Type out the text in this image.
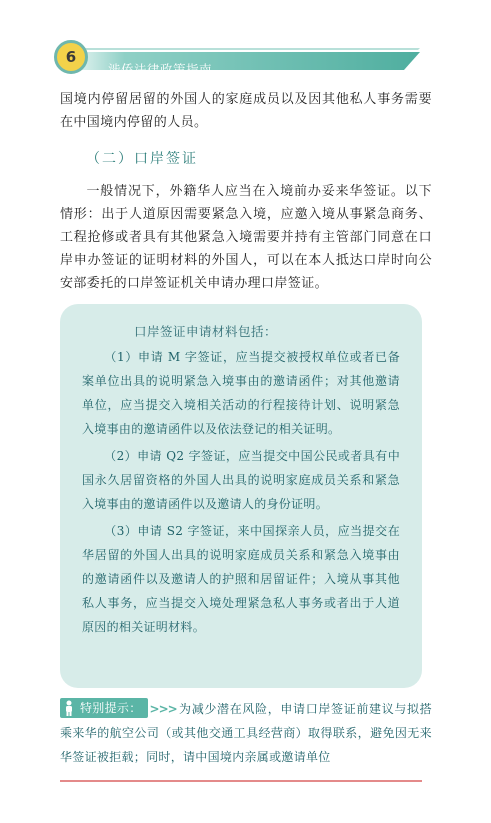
6
涉侨法律政策指南
国境内停留居留的外国人的家庭成员以及因其他私人事务需要在中国境内停留的人员。
（二）口岸签证
一般情况下，外籍华人应当在入境前办妥来华签证。以下情形：出于人道原因需要紧急入境，应邀入境从事紧急商务、工程抢修或者具有其他紧急入境需要并持有主管部门同意在口岸申办签证的证明材料的外国人，可以在本人抵达口岸时向公安部委托的口岸签证机关申请办理口岸签证。
口岸签证申请材料包括：

（1）申请 M 字签证，应当提交被授权单位或者已备案单位出具的说明紧急入境事由的邀请函件；对其他邀请单位，应当提交入境相关活动的行程接待计划、说明紧急入境事由的邀请函件以及依法登记的相关证明。

（2）申请 Q2 字签证，应当提交中国公民或者具有中国永久居留资格的外国人出具的说明家庭成员关系和紧急入境事由的邀请函件以及邀请人的身份证明。

（3）申请 S2 字签证，来中国探亲人员，应当提交在华居留的外国人出具的说明家庭成员关系和紧急入境事由的邀请函件以及邀请人的护照和居留证件；入境从事其他私人事务，应当提交入境处理紧急私人事务或者出于人道原因的相关证明材料。

特别提示： >>> 为减少潜在风险，申请口岸签证前建议与拟搭乘来华的航空公司（或其他交通工具经营商）取得联系，避免因无来华签证被拒载；同时，请中国境内亲属或邀请单位
